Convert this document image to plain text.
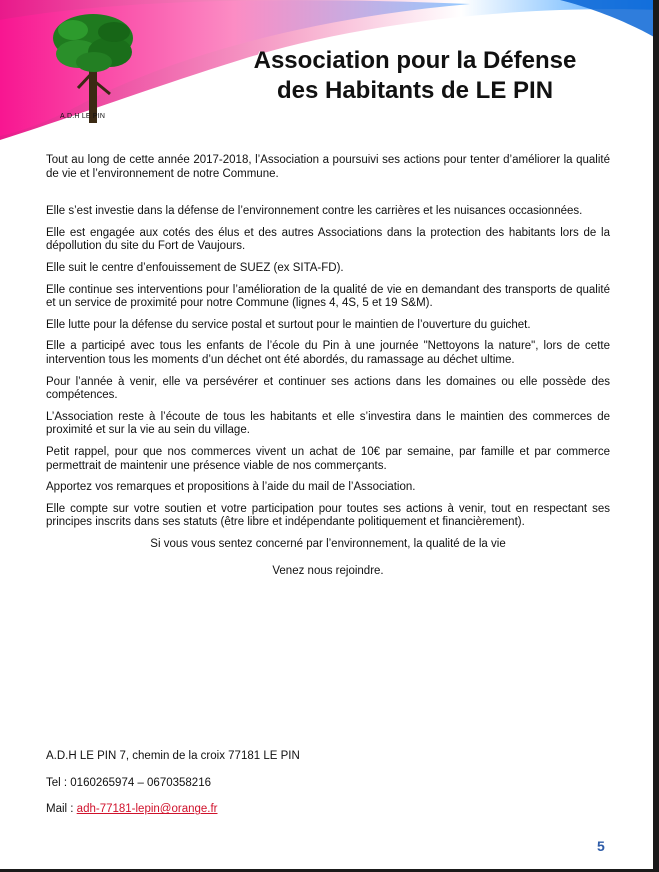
A.D.H LE PIN
Association pour la Défense
des Habitants de LE PIN

Tout au long de cette année 2017-2018, l’Association a poursuivi ses actions pour tenter d’améliorer la qualité de vie et l’environnement de notre Commune.

Elle s’est investie dans la défense de l’environnement contre les carrières et les nuisances occasionnées.

Elle est engagée aux cotés des élus et des autres Associations dans la protection des habitants lors de la dépollution du site du Fort de Vaujours.

Elle suit le centre d’enfouissement de SUEZ (ex SITA-FD).

Elle continue ses interventions pour l’amélioration de la qualité de vie en demandant des transports de qualité et un service de proximité pour notre Commune (lignes 4, 4S, 5 et 19 S&M).

Elle lutte pour la défense du service postal et surtout pour le maintien de l’ouverture du guichet.

Elle a participé avec tous les enfants de l’école du Pin à une journée "Nettoyons la nature", lors de cette intervention tous les moments d’un déchet ont été abordés, du ramassage au déchet ultime.

Pour l’année à venir, elle va persévérer et continuer ses actions dans les domaines ou elle possède des compétences.

L’Association reste à l’écoute de tous les habitants et elle s’investira dans le maintien des commerces de proximité et sur la vie au sein du village.

Petit rappel, pour que nos commerces vivent un achat de 10€ par semaine, par famille et par commerce permettrait de maintenir une présence viable de nos commerçants.

Apportez vos remarques et propositions à l’aide du mail de l’Association.

Elle compte sur votre soutien et votre participation pour toutes ses actions à venir, tout en respectant ses principes inscrits dans ses statuts (être libre et indépendante politiquement et financièrement).

Si vous vous sentez concerné par l’environnement, la qualité de la vie

Venez nous rejoindre.

A.D.H LE PIN 7, chemin de la croix 77181 LE PIN
Tel : 0160265974 – 0670358216
Mail : adh-77181-lepin@orange.fr
5
